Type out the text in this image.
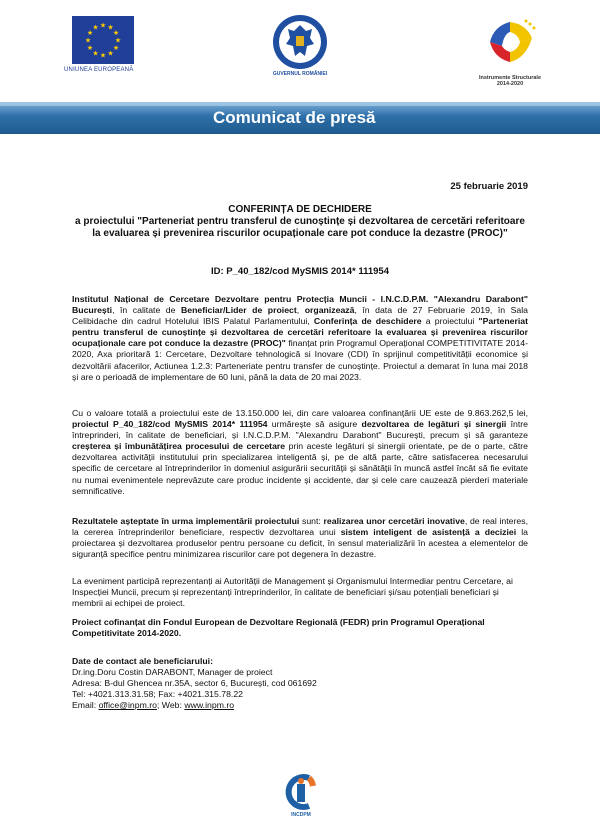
★ ★
★
★
★
★
★
★
★
★
★
★
UNIUNEA EUROPEANĂ
GUVERNUL ROMÂNIEI
Instrumente Structurale
2014-2020
Comunicat de presă
25 februarie 2019
CONFERINȚA DE DECHIDERE
a proiectului "Parteneriat pentru transferul de cunoștințe și dezvoltarea de cercetări referitoare la evaluarea și prevenirea riscurilor ocupaționale care pot conduce la dezastre (PROC)"
ID: P_40_182/cod MySMIS 2014* 111954
Institutul Național de Cercetare Dezvoltare pentru Protecția Muncii - I.N.C.D.P.M. "Alexandru Darabont" București, în calitate de Beneficiar/Lider de proiect, organizează, în data de 27 Februarie 2019, în Sala Celibidache din cadrul Hotelului IBIS Palatul Parlamentului, Conferința de deschidere a proiectului "Parteneriat pentru transferul de cunoștințe și dezvoltarea de cercetări referitoare la evaluarea și prevenirea riscurilor ocupaționale care pot conduce la dezastre (PROC)" finanțat prin Programul Operațional COMPETITIVITATE 2014-2020, Axa prioritară 1: Cercetare, Dezvoltare tehnologică si Inovare (CDI) în sprijinul competitivității economice și dezvoltării afacerilor, Actiunea 1.2.3: Parteneriate pentru transfer de cunoștințe. Proiectul a demarat în luna mai 2018 și are o perioadă de implementare de 60 luni, până la data de 20 mai 2023.
Cu o valoare totală a proiectului este de 13.150.000 lei, din care valoarea confinanțării UE este de 9.863.262,5 lei, proiectul P_40_182/cod MySMIS 2014* 111954 urmărește să asigure dezvoltarea de legături și sinergii între întreprinderi, în calitate de beneficiari, și I.N.C.D.P.M. "Alexandru Darabont" București, precum și să garanteze creșterea și îmbunătățirea procesului de cercetare prin aceste legături și sinergii orientate, pe de o parte, către dezvoltarea activității institutului prin specializarea inteligentă și, pe de altă parte, către satisfacerea necesarului specific de cercetare al întreprinderilor în domeniul asigurării securității și sănătății în muncă astfel încât să fie evitate nu numai evenimentele neprevăzute care produc incidente și accidente, dar și cele care cauzează pierderi materiale semnificative.
Rezultatele așteptate în urma implementării proiectului sunt: realizarea unor cercetări inovative, de real interes, la cererea întreprinderilor beneficiare, respectiv dezvoltarea unui sistem inteligent de asistență a deciziei la proiectarea și dezvoltarea produselor pentru persoane cu deficit, în sensul materializării în acestea a elementelor de siguranță specifice pentru minimizarea riscurilor care pot degenera în dezastre.
La eveniment participă reprezentanți ai Autorității de Management și Organismului Intermediar pentru Cercetare, ai Inspecției Muncii, precum și reprezentanți întreprinderilor, în calitate de beneficiari și/sau potențiali beneficiari și membrii ai echipei de proiect.
Proiect cofinanțat din Fondul European de Dezvoltare Regională (FEDR) prin Programul Operațional Competitivitate 2014-2020.
Date de contact ale beneficiarului:
Dr.ing.Doru Costin DARABONT, Manager de proiect
Adresa: B-dul Ghencea nr.35A, sector 6, București, cod 061692
Tel: +4021.313.31.58; Fax: +4021.315.78.22
Email: office@inpm.ro; Web: www.inpm.ro
INCDPM
